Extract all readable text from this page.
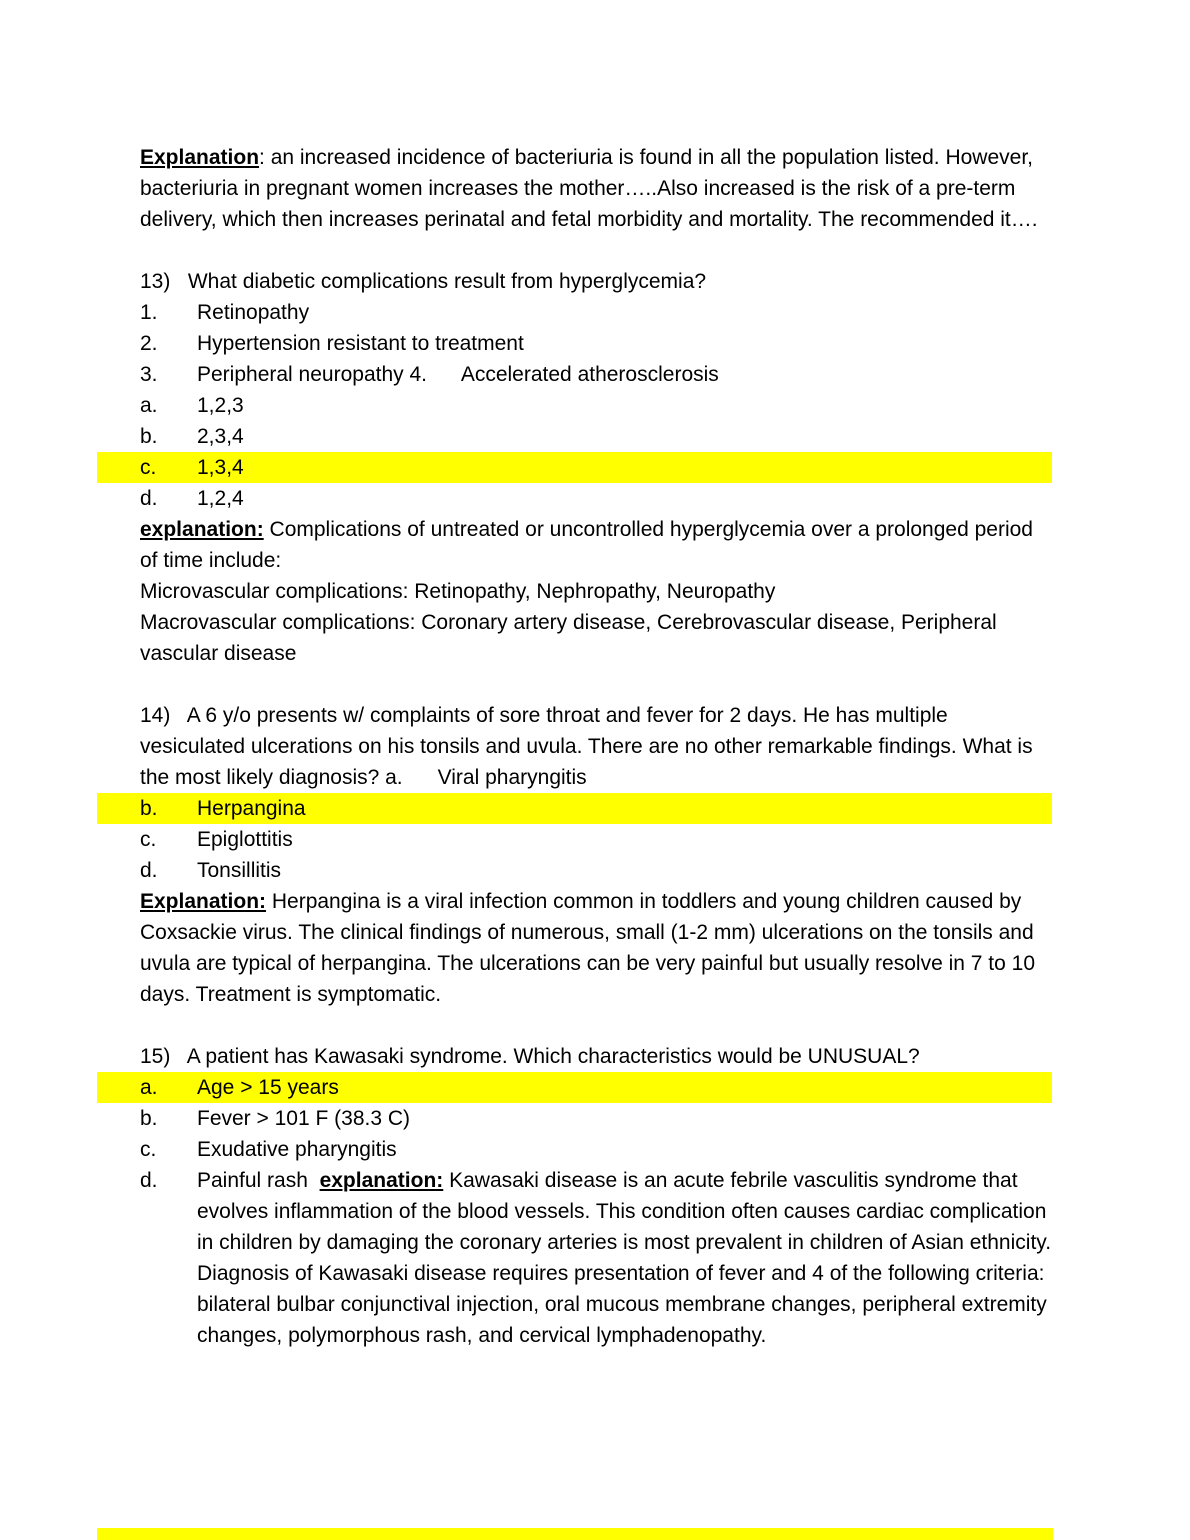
Explanation: an increased incidence of bacteriuria is found in all the population listed. However, bacteriuria in pregnant women increases the mother…..Also increased is the risk of a pre-term delivery, which then increases perinatal and fetal morbidity and mortality. The recommended it….

13)   What diabetic complications result from hyperglycemia?

1.	Retinopathy
2.	Hypertension resistant to treatment
3.	Peripheral neuropathy 4.      Accelerated atherosclerosis
a.	1,2,3
b.	2,3,4
c.	1,3,4
d.	1,2,4

explanation: Complications of untreated or uncontrolled hyperglycemia over a prolonged period of time include:

Microvascular complications: Retinopathy, Nephropathy, Neuropathy

Macrovascular complications: Coronary artery disease, Cerebrovascular disease, Peripheral vascular disease

14)   A 6 y/o presents w/ complaints of sore throat and fever for 2 days. He has multiple vesiculated ulcerations on his tonsils and uvula. There are no other remarkable findings. What is the most likely diagnosis? a.      Viral pharyngitis

b.	Herpangina
c.	Epiglottitis
d.	Tonsillitis

Explanation: Herpangina is a viral infection common in toddlers and young children caused by Coxsackie virus. The clinical findings of numerous, small (1-2 mm) ulcerations on the tonsils and uvula are typical of herpangina. The ulcerations can be very painful but usually resolve in 7 to 10 days. Treatment is symptomatic.

15)   A patient has Kawasaki syndrome. Which characteristics would be UNUSUAL?

a.	Age > 15 years
b.	Fever > 101 F (38.3 C)
c.	Exudative pharyngitis
d.	Painful rash  explanation: Kawasaki disease is an acute febrile vasculitis syndrome that evolves inflammation of the blood vessels. This condition often causes cardiac complication in children by damaging the coronary arteries is most prevalent in children of Asian ethnicity. Diagnosis of Kawasaki disease requires presentation of fever and 4 of the following criteria: bilateral bulbar conjunctival injection, oral mucous membrane changes, peripheral extremity changes, polymorphous rash, and cervical lymphadenopathy.
